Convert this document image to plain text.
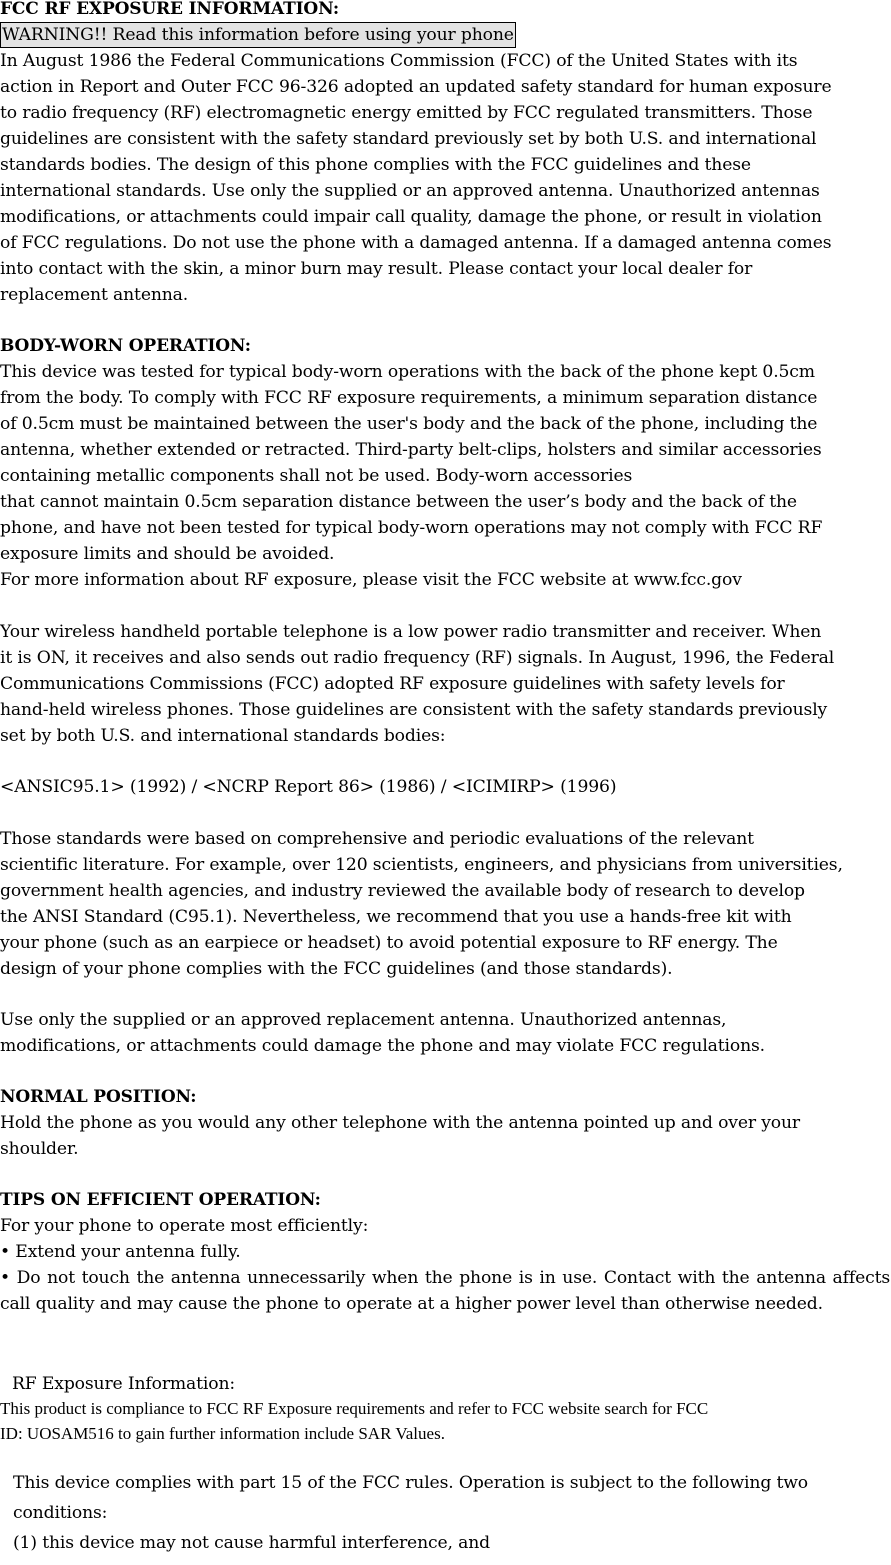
FCC RF EXPOSURE INFORMATION:
WARNING!! Read this information before using your phone
In August 1986 the Federal Communications Commission (FCC) of the United States with its
action in Report and Outer FCC 96-326 adopted an updated safety standard for human exposure
to radio frequency (RF) electromagnetic energy emitted by FCC regulated transmitters. Those
guidelines are consistent with the safety standard previously set by both U.S. and international
standards bodies. The design of this phone complies with the FCC guidelines and these
international standards. Use only the supplied or an approved antenna. Unauthorized antennas
modifications, or attachments could impair call quality, damage the phone, or result in violation
of FCC regulations. Do not use the phone with a damaged antenna. If a damaged antenna comes
into contact with the skin, a minor burn may result. Please contact your local dealer for
replacement antenna.
BODY-WORN OPERATION:
This device was tested for typical body-worn operations with the back of the phone kept 0.5cm
from the body. To comply with FCC RF exposure requirements, a minimum separation distance
of 0.5cm must be maintained between the user's body and the back of the phone, including the
antenna, whether extended or retracted. Third-party belt-clips, holsters and similar accessories
containing metallic components shall not be used. Body-worn accessories
that cannot maintain 0.5cm separation distance between the user’s body and the back of the
phone, and have not been tested for typical body-worn operations may not comply with FCC RF
exposure limits and should be avoided.
For more information about RF exposure, please visit the FCC website at www.fcc.gov
Your wireless handheld portable telephone is a low power radio transmitter and receiver. When
it is ON, it receives and also sends out radio frequency (RF) signals. In August, 1996, the Federal
Communications Commissions (FCC) adopted RF exposure guidelines with safety levels for
hand-held wireless phones. Those guidelines are consistent with the safety standards previously
set by both U.S. and international standards bodies:
<ANSIC95.1> (1992) / <NCRP Report 86> (1986) / <ICIMIRP> (1996)
Those standards were based on comprehensive and periodic evaluations of the relevant
scientific literature. For example, over 120 scientists, engineers, and physicians from universities,
government health agencies, and industry reviewed the available body of research to develop
the ANSI Standard (C95.1). Nevertheless, we recommend that you use a hands-free kit with
your phone (such as an earpiece or headset) to avoid potential exposure to RF energy. The
design of your phone complies with the FCC guidelines (and those standards).
Use only the supplied or an approved replacement antenna. Unauthorized antennas,
modifications, or attachments could damage the phone and may violate FCC regulations.
NORMAL POSITION:
Hold the phone as you would any other telephone with the antenna pointed up and over your
shoulder.
TIPS ON EFFICIENT OPERATION:
For your phone to operate most efficiently:
• Extend your antenna fully.

• Do not touch the antenna unnecessarily when the phone is in use. Contact with the antenna affects call quality and may cause the phone to operate at a higher power level than otherwise needed.

RF Exposure Information:
This product is compliance to FCC RF Exposure requirements and refer to FCC website search for FCC
ID: UOSAM516 to gain further information include SAR Values.
This device complies with part 15 of the FCC rules. Operation is subject to the following two
conditions:
(1) this device may not cause harmful interference, and
